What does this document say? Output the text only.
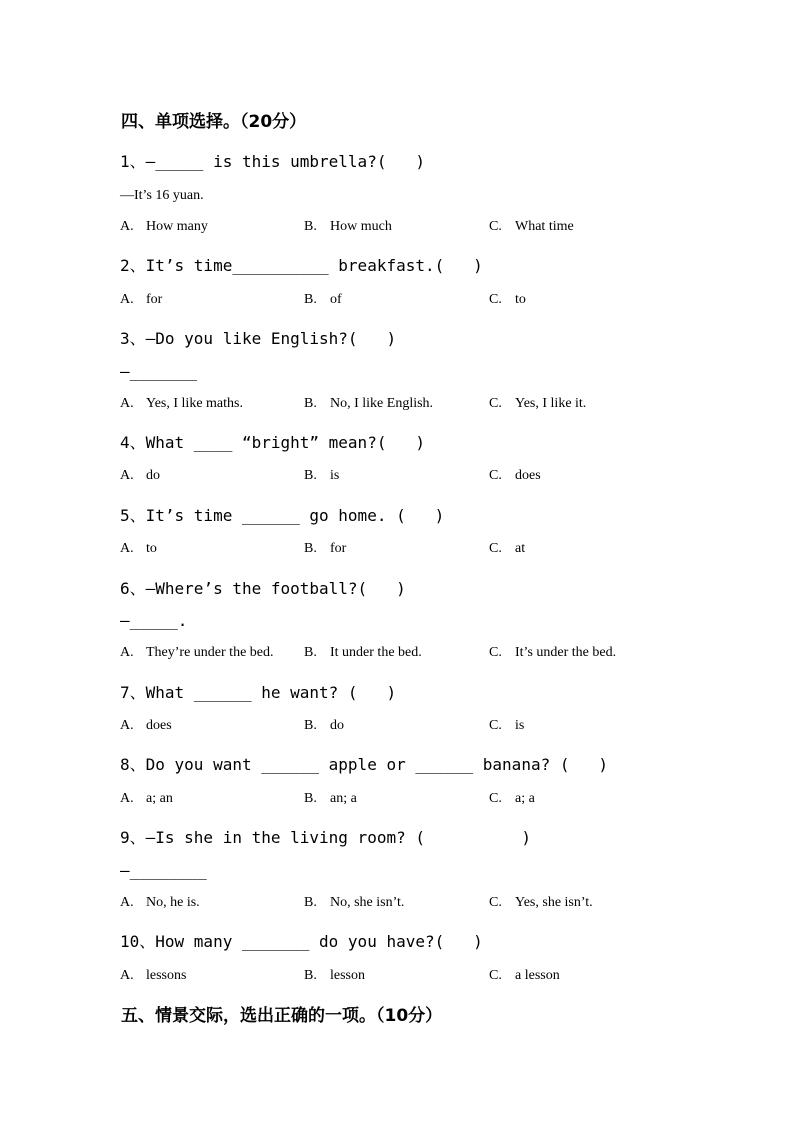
四、单项选择。（20分）
1、—_____ is this umbrella?(   )
—It’s 16 yuan.
A. How many	B. How much	C. What time
2、It’s time__________ breakfast.(   )
A. for	B. of	C. to
3、—Do you like English?(   )
—_______
A. Yes, I like maths.	B. No, I like English.	C. Yes, I like it.
4、What ____ “bright” mean?(   )
A. do	B. is	C. does
5、It’s time ______ go home. (   )
A. to	B. for	C. at
6、—Where’s the football?(   )
—_____.
A. They’re under the bed. B. It under the bed.	C. It’s under the bed.
7、What ______ he want? (   )
A. does	B. do	C. is
8、Do you want ______ apple or ______ banana? (   )
A. a; an	B. an; a	C. a; a
9、—Is she in the living room? (          )
—________
A. No, he is.	B. No, she isn’t.	C. Yes, she isn’t.
10、How many _______ do you have?(   )
A. lessons	B. lesson	C. a lesson
五、情景交际，选出正确的一项。（10分）
